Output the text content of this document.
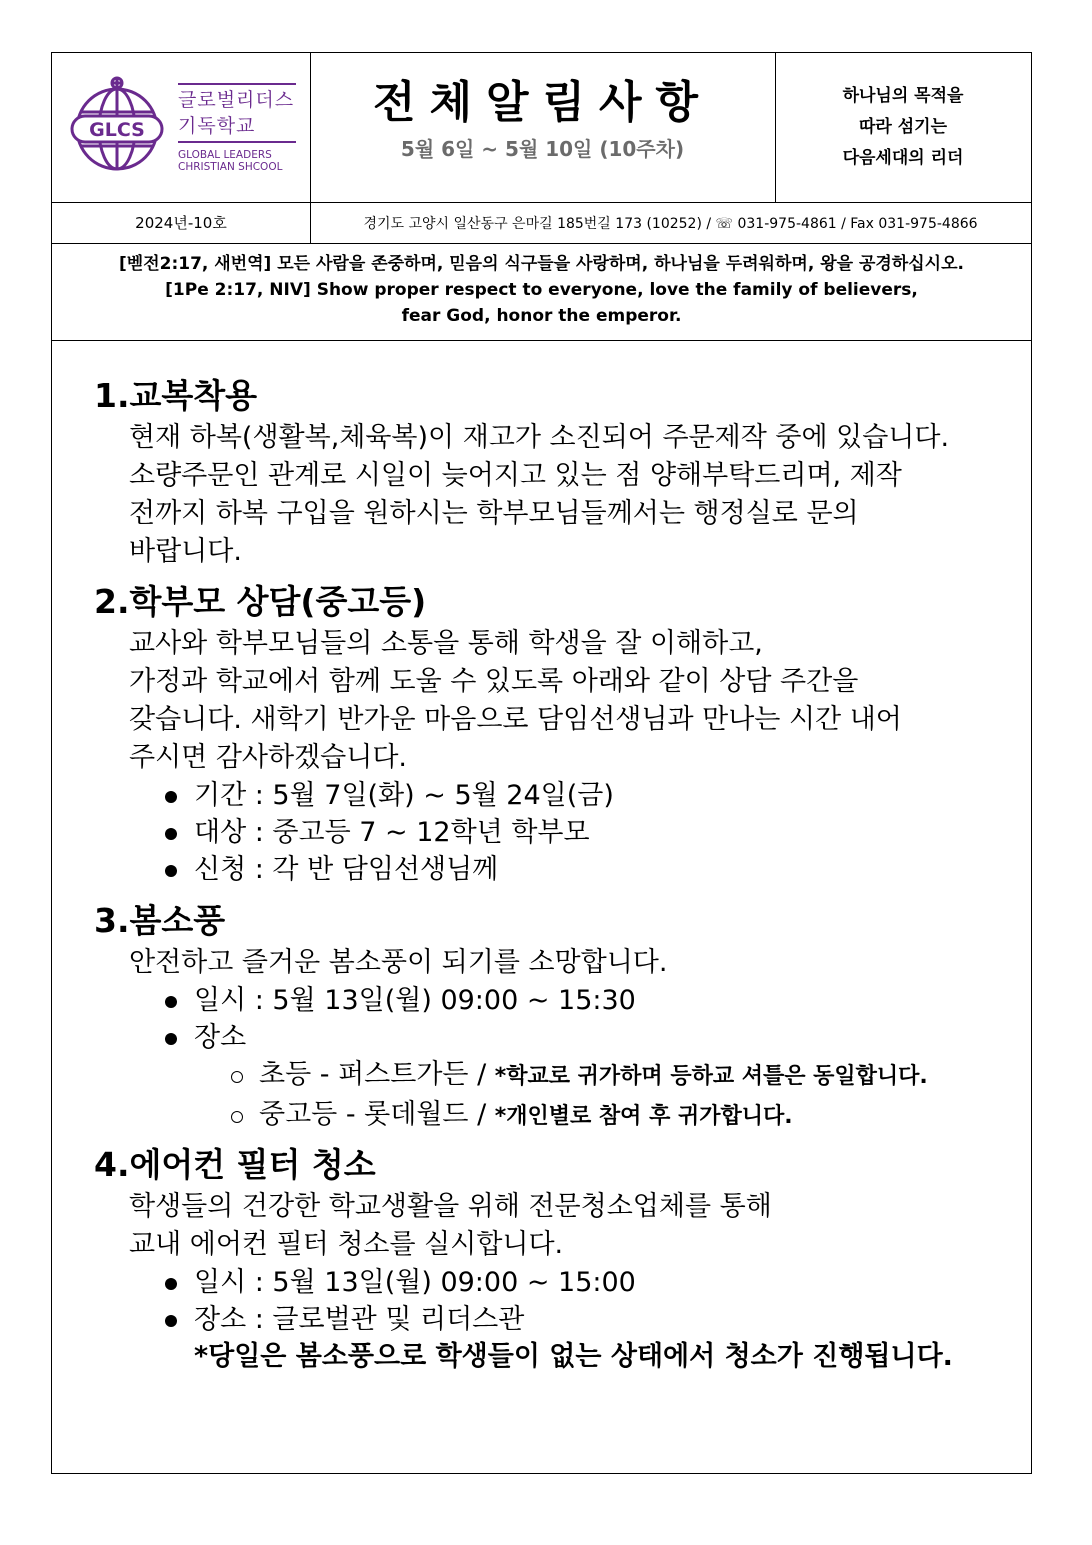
GLCS
글로벌리더스
기독학교
GLOBAL LEADERS
CHRISTIAN SHCOOL
전체알림사항
5월 6일 ~ 5월 10일 (10주차)
하나님의 목적을
따라 섬기는
다음세대의 리더
2024년-10호	경기도 고양시 일산동구 은마길 185번길 173 (10252) / ☏ 031-975-4861 / Fax 031-975-4866
[벧전2:17, 새번역] 모든 사람을 존중하며, 믿음의 식구들을 사랑하며, 하나님을 두려워하며, 왕을 공경하십시오.
[1Pe 2:17, NIV] Show proper respect to everyone, love the family of believers,
fear God, honor the emperor.
1.교복착용
현재 하복(생활복,체육복)이 재고가 소진되어 주문제작 중에 있습니다.
소량주문인 관계로 시일이 늦어지고 있는 점 양해부탁드리며, 제작
전까지 하복 구입을 원하시는 학부모님들께서는 행정실로 문의
바랍니다.
2.학부모 상담(중고등)
교사와 학부모님들의 소통을 통해 학생을 잘 이해하고,
가정과 학교에서 함께 도울 수 있도록 아래와 같이 상담 주간을
갖습니다. 새학기 반가운 마음으로 담임선생님과 만나는 시간 내어
주시면 감사하겠습니다.
기간 : 5월 7일(화) ~ 5월 24일(금)
대상 : 중고등 7 ~ 12학년 학부모
신청 : 각 반 담임선생님께
3.봄소풍
안전하고 즐거운 봄소풍이 되기를 소망합니다.
일시 : 5월 13일(월) 09:00 ~ 15:30
장소
초등 - 퍼스트가든 / *학교로 귀가하며 등하교 셔틀은 동일합니다.
중고등 - 롯데월드 / *개인별로 참여 후 귀가합니다.
4.에어컨 필터 청소
학생들의 건강한 학교생활을 위해 전문청소업체를 통해
교내 에어컨 필터 청소를 실시합니다.
일시 : 5월 13일(월) 09:00 ~ 15:00
장소 : 글로벌관 및 리더스관
*당일은 봄소풍으로 학생들이 없는 상태에서 청소가 진행됩니다.
